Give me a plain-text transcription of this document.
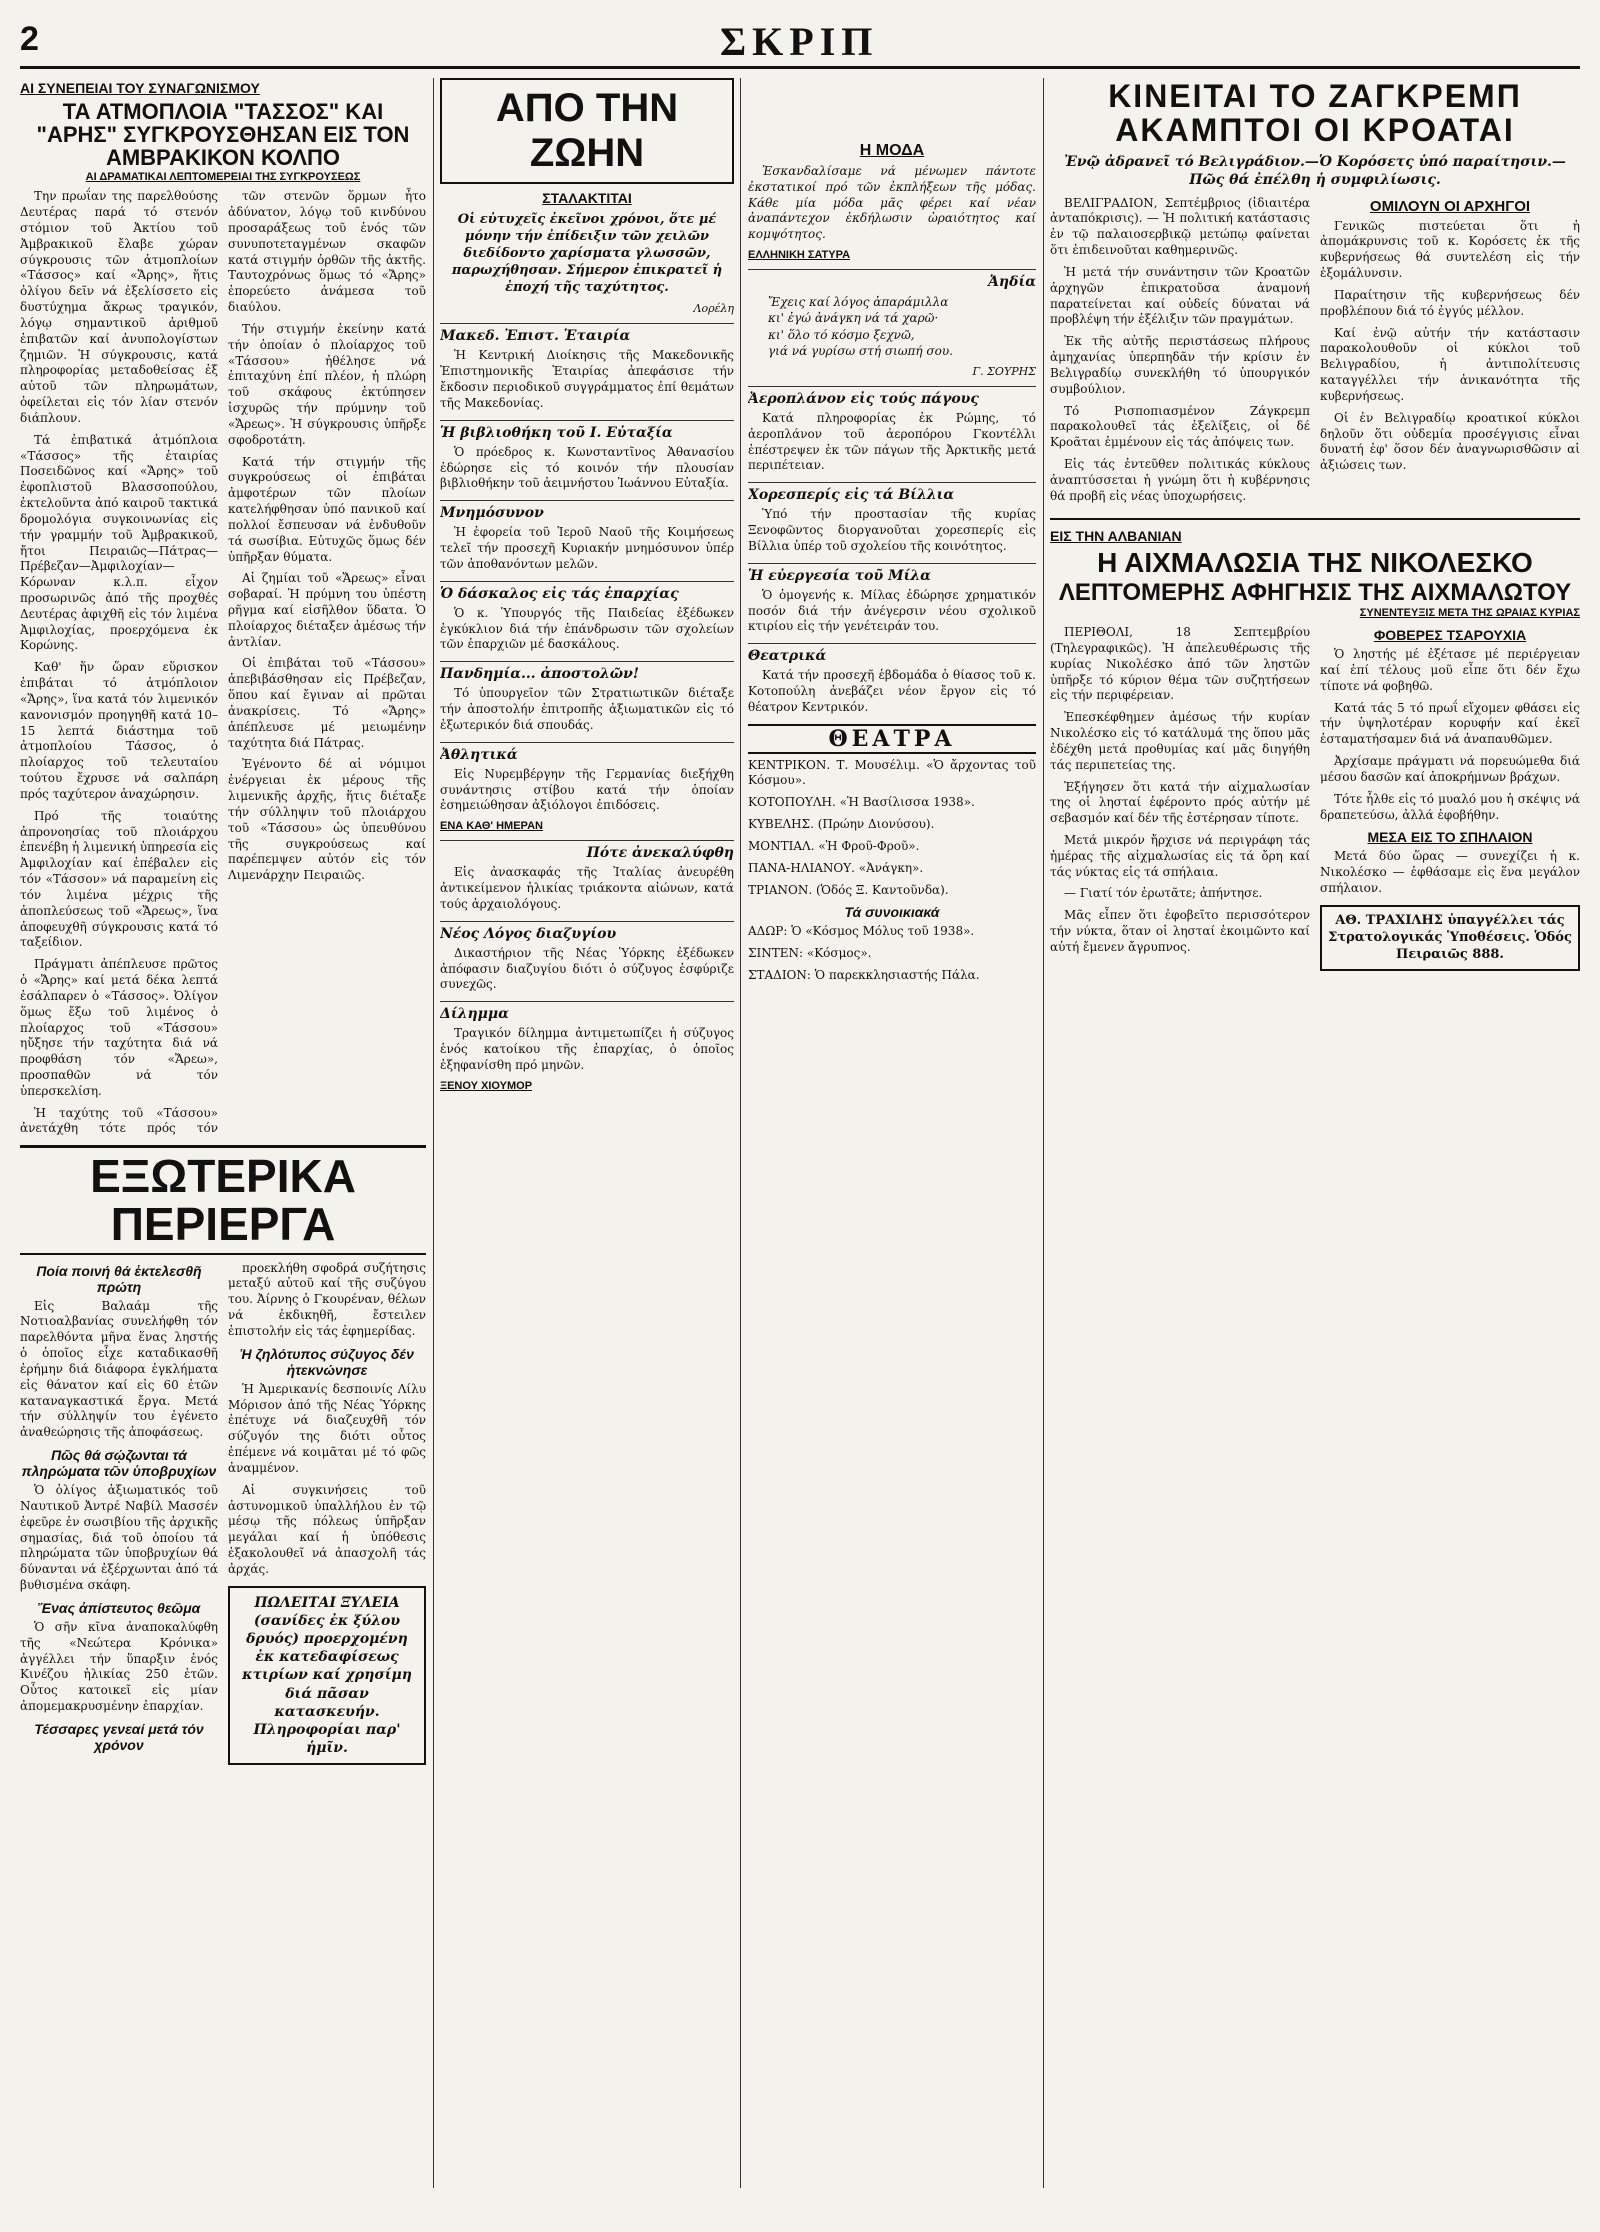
2	ΣΚΡΙΠ
ΑΙ ΣΥΝΕΠΕΙΑΙ ΤΟΥ ΣΥΝΑΓΩΝΙΣΜΟΥ
ΤΑ ΑΤΜΟΠΛΟΙΑ "ΤΑΣΣΟΣ" ΚΑΙ "ΑΡΗΣ" ΣΥΓΚΡΟΥΣΘΗΣΑΝ ΕΙΣ ΤΟΝ ΑΜΒΡΑΚΙΚΟΝ ΚΟΛΠΟ
ΑΙ ΔΡΑΜΑΤΙΚΑΙ ΛΕΠΤΟΜΕΡΕΙΑΙ ΤΗΣ ΣΥΓΚΡΟΥΣΕΩΣ

Την πρωΐαν της παρελθούσης Δευτέρας παρά τό στενόν στόμιον τοῦ Ἀκτίου τοῦ Ἀμβρακικοῦ ἔλαβε χώραν σύγκρουσις τῶν ἀτμοπλοίων «Τάσσος» καί «Ἄρης», ἥτις ὀλίγου δεῖν νά ἐξελίσσετο εἰς δυστύχημα ἄκρως τραγικόν, λόγῳ σημαντικοῦ ἀριθμοῦ ἐπιβατῶν καί ἀνυπολογίστων ζημιῶν. Ἡ σύγκρουσις, κατά πληροφορίας μεταδοθείσας ἐξ αὐτοῦ τῶν πληρωμάτων, ὀφείλεται εἰς τόν λίαν στενόν διάπλουν.

Τά ἐπιβατικά ἀτμόπλοια «Τάσσος» τῆς ἑταιρίας Ποσειδῶνος καί «Ἄρης» τοῦ ἐφοπλιστοῦ Βλασσοπούλου, ἐκτελοῦντα ἀπό καιροῦ τακτικά δρομολόγια συγκοινωνίας εἰς τήν γραμμήν τοῦ Ἀμβρακικοῦ, ἤτοι Πειραιῶς—Πάτρας—Πρέβεζαν—Ἀμφιλοχίαν—Κόρωναν κ.λ.π. εἶχον προσωρινῶς ἀπό τῆς προχθές Δευτέρας ἀφιχθῆ εἰς τόν λιμένα Ἀμφιλοχίας, προερχόμενα ἐκ Κορώνης.

Καθ' ἥν ὥραν εὕρισκον ἐπιβάται τό ἀτμόπλοιον «Ἄρης», ἵνα κατά τόν λιμενικόν κανονισμόν προηγηθῆ κατά 10–15 λεπτά διάστημα τοῦ ἀτμοπλοίου Τάσσος, ὁ πλοίαρχος τοῦ τελευταίου τούτου ἔχρυσε νά σαλπάρη πρός ταχύτερον ἀναχώρησιν.

Πρό τῆς τοιαύτης ἀπρονοησίας τοῦ πλοιάρχου ἐπενέβη ἡ λιμενική ὑπηρεσία εἰς Ἀμφιλοχίαν καί ἐπέβαλεν εἰς τόν «Τάσσον» νά παραμείνη εἰς τόν λιμένα μέχρις τῆς ἀποπλεύσεως τοῦ «Ἄρεως», ἵνα ἀποφευχθῆ σύγκρουσις κατά τό ταξείδιον.

Πράγματι ἀπέπλευσε πρῶτος ὁ «Ἄρης» καί μετά δέκα λεπτά ἐσάλπαρεν ὁ «Τάσσος». Ὀλίγον ὅμως ἔξω τοῦ λιμένος ὁ πλοίαρχος τοῦ «Τάσσου» ηὔξησε τήν ταχύτητα διά νά προφθάση τόν «Ἄρεω», προσπαθῶν νά τόν ὑπερσκελίση.

Ἡ ταχύτης τοῦ «Τάσσου» ἀνετάχθη τότε πρός τόν

τῶν στενῶν ὅρμων ἦτο ἀδύνατον, λόγῳ τοῦ κινδύνου προσαράξεως τοῦ ἑνός τῶν συνυποτεταγμένων σκαφῶν κατά στιγμήν ὀρθῶν τῆς ἀκτῆς. Ταυτοχρόνως ὅμως τό «Ἄρης» ἐπορεύετο ἀνάμεσα τοῦ διαύλου.

Τήν στιγμήν ἐκείνην κατά τήν ὁποίαν ὁ πλοίαρχος τοῦ «Τάσσου» ἠθέλησε νά ἐπιταχύνη ἐπί πλέον, ἡ πλώρη τοῦ σκάφους ἐκτύπησεν ἰσχυρῶς τήν πρύμνην τοῦ «Ἄρεως». Ἡ σύγκρουσις ὑπῆρξε σφοδροτάτη.

Κατά τήν στιγμήν τῆς συγκρούσεως οἱ ἐπιβάται ἀμφοτέρων τῶν πλοίων κατελήφθησαν ὑπό πανικοῦ καί πολλοί ἔσπευσαν νά ἐνδυθοῦν τά σωσίβια. Εὐτυχῶς ὅμως δέν ὑπῆρξαν θύματα.

Αἱ ζημίαι τοῦ «Ἄρεως» εἶναι σοβαραί. Ἡ πρύμνη του ὑπέστη ρῆγμα καί εἰσῆλθον ὕδατα. Ὁ πλοίαρχος διέταξεν ἀμέσως τήν ἀντλίαν.

Οἱ ἐπιβάται τοῦ «Τάσσου» ἀπεβιβάσθησαν εἰς Πρέβεζαν, ὅπου καί ἔγιναν αἱ πρῶται ἀνακρίσεις. Τό «Ἄρης» ἀπέπλευσε μέ μειωμένην ταχύτητα διά Πάτρας.

Ἐγένοντο δέ αἱ νόμιμοι ἐνέργειαι ἐκ μέρους τῆς λιμενικῆς ἀρχῆς, ἥτις διέταξε τήν σύλληψιν τοῦ πλοιάρχου τοῦ «Τάσσου» ὡς ὑπευθύνου τῆς συγκρούσεως καί παρέπεμψεν αὐτόν εἰς τόν Λιμενάρχην Πειραιῶς.

ΕΞΩΤΕΡΙΚΑ ΠΕΡΙΕΡΓΑ
Ποία ποινή θά ἐκτελεσθῆ πρώτη

Εἰς Βαλαάμ τῆς Νοτιοαλβανίας συνελήφθη τόν παρελθόντα μῆνα ἕνας ληστής ὁ ὁποῖος εἶχε καταδικασθῆ ἐρήμην διά διάφορα ἐγκλήματα εἰς θάνατον καί εἰς 60 ἐτῶν καταναγκαστικά ἔργα. Μετά τήν σύλληψίν του ἐγένετο ἀναθεώρησις τῆς ἀποφάσεως.

Πῶς θά σῴζωνται τά πληρώματα τῶν ὑποβρυχίων

Ὁ ὀλίγος ἀξιωματικός τοῦ Ναυτικοῦ Ἀντρέ Ναβίλ Μασσέν ἐφεῦρε ἐν σωσιβίου τῆς ἀρχικῆς σημασίας, διά τοῦ ὁποίου τά πληρώματα τῶν ὑποβρυχίων θά δύνανται νά ἐξέρχωνται ἀπό τά βυθισμένα σκάφη.

Ἕνας ἀπίστευτος θεῶμα

Ὁ σῆν κῖνα ἀναποκαλύφθη τῆς «Νεώτερα Κρόνικα» ἀγγέλλει τήν ὕπαρξιν ἑνός Κινέζου ἡλικίας 250 ἐτῶν. Οὗτος κατοικεῖ εἰς μίαν ἀπομεμακρυσμένην ἐπαρχίαν.

Τέσσαρες γενεαί μετά τόν χρόνον

προεκλήθη σφοδρά συζήτησις μεταξύ αὐτοῦ καί τῆς συζύγου του. Ἀίρνης ὁ Γκουρέναν, θέλων νά ἐκδικηθῆ, ἔστειλεν ἐπιστολήν εἰς τάς ἐφημερίδας.

Ἡ ζηλότυπος σύζυγος δέν ἠτεκνώνησε

Ἡ Ἀμερικανίς δεσποινίς Λίλυ Μόρισον ἀπό τῆς Νέας Ὑόρκης ἐπέτυχε νά διαζευχθῆ τόν σύζυγόν της διότι οὗτος ἐπέμενε νά κοιμᾶται μέ τό φῶς ἀναμμένον.

Αἱ συγκινήσεις τοῦ ἀστυνομικοῦ ὑπαλλήλου ἐν τῷ μέσῳ τῆς πόλεως ὑπῆρξαν μεγάλαι καί ἡ ὑπόθεσις ἐξακολουθεῖ νά ἀπασχολῆ τάς ἀρχάς.

ΠΩΛΕΙΤΑΙ ΞΥΛΕΙΑ (σανίδες ἐκ ξύλου δρυός) προερχομένη ἐκ κατεδαφίσεως κτιρίων καί χρησίμη διά πᾶσαν κατασκευήν. Πληροφορίαι παρ' ἡμῖν.
ΑΠΟ ΤΗΝ ΖΩΗΝ
ΣΤΑΛΑΚΤΙΤΑΙ
Οἱ εὐτυχεῖς ἐκεῖνοι χρόνοι, ὅτε μέ μόνην τήν ἐπίδειξιν τῶν χειλῶν διεδίδοντο χαρίσματα γλωσσῶν, παρωχήθησαν. Σήμερον ἐπικρατεῖ ἡ ἐποχή τῆς ταχύτητος.
Λορέλη
Μακεδ. Ἐπιστ. Ἑταιρία

Ἡ Κεντρική Διοίκησις τῆς Μακεδονικῆς Ἐπιστημονικῆς Ἑταιρίας ἀπεφάσισε τήν ἔκδοσιν περιοδικοῦ συγγράμματος ἐπί θεμάτων τῆς Μακεδονίας.

Ἡ βιβλιοθήκη τοῦ Ι. Εὐταξία

Ὁ πρόεδρος κ. Κωνσταντῖνος Ἀθανασίου ἐδώρησε εἰς τό κοινόν τήν πλουσίαν βιβλιοθήκην τοῦ ἀειμνήστου Ἰωάννου Εὐταξία.

Μνημόσυνον

Ἡ ἐφορεία τοῦ Ἱεροῦ Ναοῦ τῆς Κοιμήσεως τελεῖ τήν προσεχῆ Κυριακήν μνημόσυνον ὑπέρ τῶν ἀποθανόντων μελῶν.

Ὁ δάσκαλος εἰς τάς ἐπαρχίας

Ὁ κ. Ὑπουργός τῆς Παιδείας ἐξέδωκεν ἐγκύκλιον διά τήν ἐπάνδρωσιν τῶν σχολείων τῶν ἐπαρχιῶν μέ δασκάλους.

Πανδημία... ἀποστολῶν!

Τό ὑπουργεῖον τῶν Στρατιωτικῶν διέταξε τήν ἀποστολήν ἐπιτροπῆς ἀξιωματικῶν εἰς τό ἐξωτερικόν διά σπουδάς.

Ἀθλητικά

Εἰς Νυρεμβέργην τῆς Γερμανίας διεξήχθη συνάντησις στίβου κατά τήν ὁποίαν ἐσημειώθησαν ἀξιόλογοι ἐπιδόσεις.

ΕΝΑ ΚΑΘ' ΗΜΕΡΑΝ
Πότε ἀνεκαλύφθη

Εἰς ἀνασκαφάς τῆς Ἰταλίας ἀνευρέθη ἀντικείμενον ἡλικίας τριάκοντα αἰώνων, κατά τούς ἀρχαιολόγους.

Νέος Λόγος διαζυγίου

Δικαστήριον τῆς Νέας Ὑόρκης ἐξέδωκεν ἀπόφασιν διαζυγίου διότι ὁ σύζυγος ἐσφύριζε συνεχῶς.

Δίλημμα

Τραγικόν δίλημμα ἀντιμετωπίζει ἡ σύζυγος ἑνός κατοίκου τῆς ἐπαρχίας, ὁ ὁποῖος ἐξηφανίσθη πρό μηνῶν.

ΞΕΝΟΥ ΧΙΟΥΜΟΡ
Η ΜΟΔΑ

Ἐσκανδαλίσαμε νά μένωμεν πάντοτε ἐκστατικοί πρό τῶν ἐκπλήξεων τῆς μόδας. Κάθε μία μόδα μᾶς φέρει καί νέαν ἀναπάντεχον ἐκδήλωσιν ὡραιότητος καί κομψότητος.

ΕΛΛΗΝΙΚΗ ΣΑΤΥΡΑ
Ἀηδία
Ἔχεις καί λόγος ἀπαράμιλλα
κι' ἐγώ ἀνάγκη νά τά χαρῶ·
κι' ὅλο τό κόσμο ξεχνῶ,
γιά νά γυρίσω στή σιωπή σου.
Γ. ΣΟΥΡΗΣ
Ἀεροπλάνον εἰς τούς πάγους

Κατά πληροφορίας ἐκ Ρώμης, τό ἀεροπλάνον τοῦ ἀεροπόρου Γκοντέλλι ἐπέστρεψεν ἐκ τῶν πάγων τῆς Ἀρκτικῆς μετά περιπέτειαν.

Χορεσπερίς εἰς τά Βίλλια

Ὑπό τήν προστασίαν τῆς κυρίας Ξενοφῶντος διοργανοῦται χορεσπερίς εἰς Βίλλια ὑπέρ τοῦ σχολείου τῆς κοινότητος.

Ἡ εὐεργεσία τοῦ Μίλα

Ὁ ὁμογενής κ. Μίλας ἐδώρησε χρηματικόν ποσόν διά τήν ἀνέγερσιν νέου σχολικοῦ κτιρίου εἰς τήν γενέτειράν του.

Θεατρικά

Κατά τήν προσεχῆ ἑβδομάδα ὁ θίασος τοῦ κ. Κοτοπούλη ἀνεβάζει νέον ἔργον εἰς τό θέατρον Κεντρικόν.

ΘΕΑΤΡΑ

ΚΕΝΤΡΙΚΟΝ. Τ. Μουσέλιμ. «Ὁ ἄρχοντας τοῦ Κόσμου».

ΚΟΤΟΠΟΥΛΗ. «Ἡ Βασίλισσα 1938».

ΚΥΒΕΛΗΣ. (Πρώην Διονύσου).

ΜΟΝΤΙΑΛ. «Ἡ Φροῦ-Φροῦ».

ΠΑΝΑ-ΗΛΙΑΝΟΥ. «Ἀνάγκη».

ΤΡΙΑΝΟΝ. (Ὁδός Ξ. Καντοῦνδα).

Τά συνοικιακά

ΑΔΩΡ: Ὁ «Κόσμος Μόλυς τοῦ 1938».

ΣΙΝΤΕΝ: «Κόσμος».

ΣΤΑΔΙΟΝ: Ὁ παρεκκλησιαστής Πάλα.

ΚΙΝΕΙΤΑΙ ΤΟ ΖΑΓΚΡΕΜΠ ΑΚΑΜΠΤΟΙ ΟΙ ΚΡΟΑΤΑΙ
Ἐνῷ ἀδρανεῖ τό Βελιγράδιον.—Ὁ Κορόσετς ὑπό παραίτησιν.—Πῶς θά ἐπέλθη ἡ συμφιλίωσις.

ΒΕΛΙΓΡΑΔΙΟΝ, Σεπτέμβριος (ἰδιαιτέρα ἀνταπόκρισις). — Ἡ πολιτική κατάστασις ἐν τῷ παλαιοσερβικῷ μετώπῳ φαίνεται ὅτι ἐπιδεινοῦται καθημερινῶς.

Ἡ μετά τήν συνάντησιν τῶν Κροατῶν ἀρχηγῶν ἐπικρατοῦσα ἀναμονή παρατείνεται καί οὐδείς δύναται νά προβλέψη τήν ἐξέλιξιν τῶν πραγμάτων.

Ἐκ τῆς αὐτῆς περιστάσεως πλήρους ἀμηχανίας ὑπερπηδᾶν τήν κρίσιν ἐν Βελιγραδίῳ συνεκλήθη τό ὑπουργικόν συμβούλιον.

Τό Ρισποπιασμένον Ζάγκρεμπ παρακολουθεῖ τάς ἐξελίξεις, οἱ δέ Κροᾶται ἐμμένουν εἰς τάς ἀπόψεις των.

Εἰς τάς ἐντεῦθεν πολιτικάς κύκλους ἀναπτύσσεται ἡ γνώμη ὅτι ἡ κυβέρνησις θά προβῆ εἰς νέας ὑποχωρήσεις.

ΟΜΙΛΟΥΝ ΟΙ ΑΡΧΗΓΟΙ

Γενικῶς πιστεύεται ὅτι ἡ ἀπομάκρυνσις τοῦ κ. Κορόσετς ἐκ τῆς κυβερνήσεως θά συντελέση εἰς τήν ἐξομάλυνσιν.

Παραίτησιν τῆς κυβερνήσεως δέν προβλέπουν διά τό ἐγγύς μέλλον.

Καί ἐνῷ αὐτήν τήν κατάστασιν παρακολουθοῦν οἱ κύκλοι τοῦ Βελιγραδίου, ἡ ἀντιπολίτευσις καταγγέλλει τήν ἀνικανότητα τῆς κυβερνήσεως.

Οἱ ἐν Βελιγραδίῳ κροατικοί κύκλοι δηλοῦν ὅτι οὐδεμία προσέγγισις εἶναι δυνατή ἐφ' ὅσον δέν ἀναγνωρισθῶσιν αἱ ἀξιώσεις των.

ΕΙΣ ΤΗΝ ΑΛΒΑΝΙΑΝ
Η ΑΙΧΜΑΛΩΣΙΑ ΤΗΣ ΝΙΚΟΛΕΣΚΟ
ΛΕΠΤΟΜΕΡΗΣ ΑΦΗΓΗΣΙΣ ΤΗΣ ΑΙΧΜΑΛΩΤΟΥ
ΣΥΝΕΝΤΕΥΞΙΣ ΜΕΤΑ ΤΗΣ ΩΡΑΙΑΣ ΚΥΡΙΑΣ

ΠΕΡΙΘΟΛΙ, 18 Σεπτεμβρίου (Τηλεγραφικῶς). Ἡ ἀπελευθέρωσις τῆς κυρίας Νικολέσκο ἀπό τῶν ληστῶν ὑπῆρξε τό κύριον θέμα τῶν συζητήσεων εἰς τήν περιφέρειαν.

Ἐπεσκέφθημεν ἀμέσως τήν κυρίαν Νικολέσκο εἰς τό κατάλυμά της ὅπου μᾶς ἐδέχθη μετά προθυμίας καί μᾶς διηγήθη τάς περιπετείας της.

Ἐξήγησεν ὅτι κατά τήν αἰχμαλωσίαν της οἱ λησταί ἐφέροντο πρός αὐτήν μέ σεβασμόν καί δέν τῆς ἐστέρησαν τίποτε.

Μετά μικρόν ἤρχισε νά περιγράφη τάς ἡμέρας τῆς αἰχμαλωσίας εἰς τά ὄρη καί τάς νύκτας εἰς τά σπήλαια.

— Γιατί τόν ἐρωτᾶτε; ἀπήντησε.

Μᾶς εἶπεν ὅτι ἐφοβεῖτο περισσότερον τήν νύκτα, ὅταν οἱ λησταί ἐκοιμῶντο καί αὐτή ἔμενεν ἄγρυπνος.

ΦΟΒΕΡΕΣ ΤΣΑΡΟΥΧΙΑ

Ὁ ληστής μέ ἐξέτασε μέ περιέργειαν καί ἐπί τέλους μοῦ εἶπε ὅτι δέν ἔχω τίποτε νά φοβηθῶ.

Κατά τάς 5 τό πρωΐ εἴχομεν φθάσει εἰς τήν ὑψηλοτέραν κορυφήν καί ἐκεῖ ἐσταματήσαμεν διά νά ἀναπαυθῶμεν.

Ἀρχίσαμε πράγματι νά πορευώμεθα διά μέσου δασῶν καί ἀποκρήμνων βράχων.

Τότε ἦλθε εἰς τό μυαλό μου ἡ σκέψις νά δραπετεύσω, ἀλλά ἐφοβήθην.

ΜΕΣΑ ΕΙΣ ΤΟ ΣΠΗΛΑΙΟΝ

Μετά δύο ὥρας — συνεχίζει ἡ κ. Νικολέσκο — ἐφθάσαμε εἰς ἕνα μεγάλον σπήλαιον.

ΑΘ. ΤΡΑΧΙΛΗΣ ὑπαγγέλλει τάς Στρατολογικάς Ὑποθέσεις. Ὁδός Πειραιῶς 888.
